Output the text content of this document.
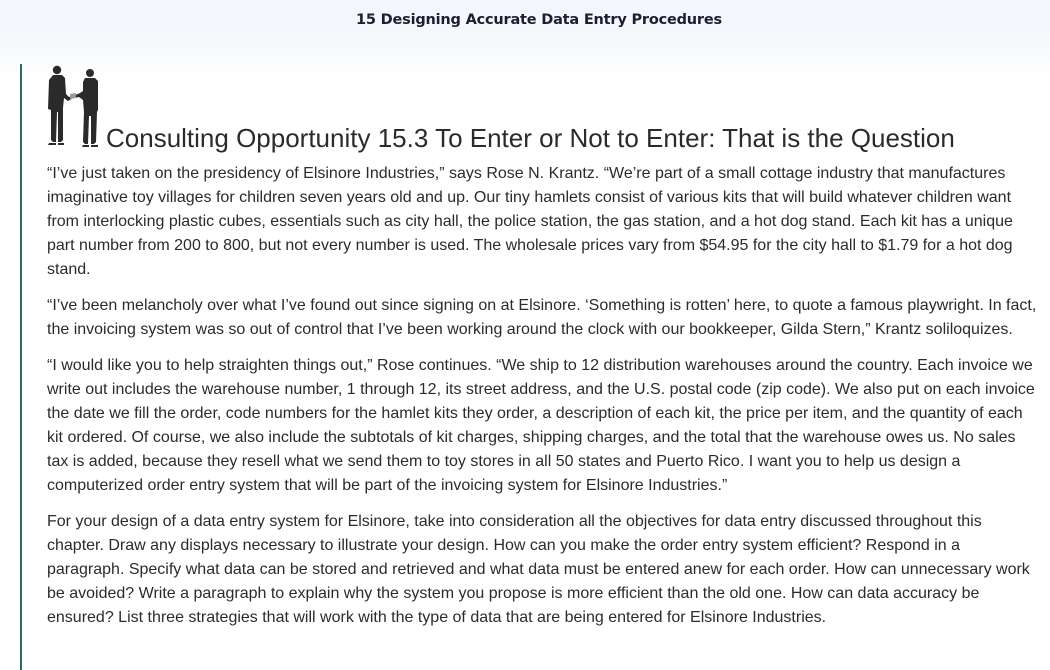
15 Designing Accurate Data Entry Procedures
Consulting Opportunity 15.3 To Enter or Not to Enter: That is the Question

“I’ve just taken on the presidency of Elsinore Industries,” says Rose N. Krantz. “We’re part of a small cottage industry that manufactures imaginative toy villages for children seven years old and up. Our tiny hamlets consist of various kits that will build whatever children want from interlocking plastic cubes, essentials such as city hall, the police station, the gas station, and a hot dog stand. Each kit has a unique part number from 200 to 800, but not every number is used. The wholesale prices vary from $54.95 for the city hall to $1.79 for a hot dog stand.

“I’ve been melancholy over what I’ve found out since signing on at Elsinore. ‘Something is rotten’ here, to quote a famous playwright. In fact, the invoicing system was so out of control that I’ve been working around the clock with our bookkeeper, Gilda Stern,” Krantz soliloquizes.

“I would like you to help straighten things out,” Rose continues. “We ship to 12 distribution warehouses around the country. Each invoice we write out includes the warehouse number, 1 through 12, its street address, and the U.S. postal code (zip code). We also put on each invoice the date we fill the order, code numbers for the hamlet kits they order, a description of each kit, the price per item, and the quantity of each kit ordered. Of course, we also include the subtotals of kit charges, shipping charges, and the total that the warehouse owes us. No sales tax is added, because they resell what we send them to toy stores in all 50 states and Puerto Rico. I want you to help us design a computerized order entry system that will be part of the invoicing system for Elsinore Industries.”

For your design of a data entry system for Elsinore, take into consideration all the objectives for data entry discussed throughout this chapter. Draw any displays necessary to illustrate your design. How can you make the order entry system efficient? Respond in a paragraph. Specify what data can be stored and retrieved and what data must be entered anew for each order. How can unnecessary work be avoided? Write a paragraph to explain why the system you propose is more efficient than the old one. How can data accuracy be ensured? List three strategies that will work with the type of data that are being entered for Elsinore Industries.
